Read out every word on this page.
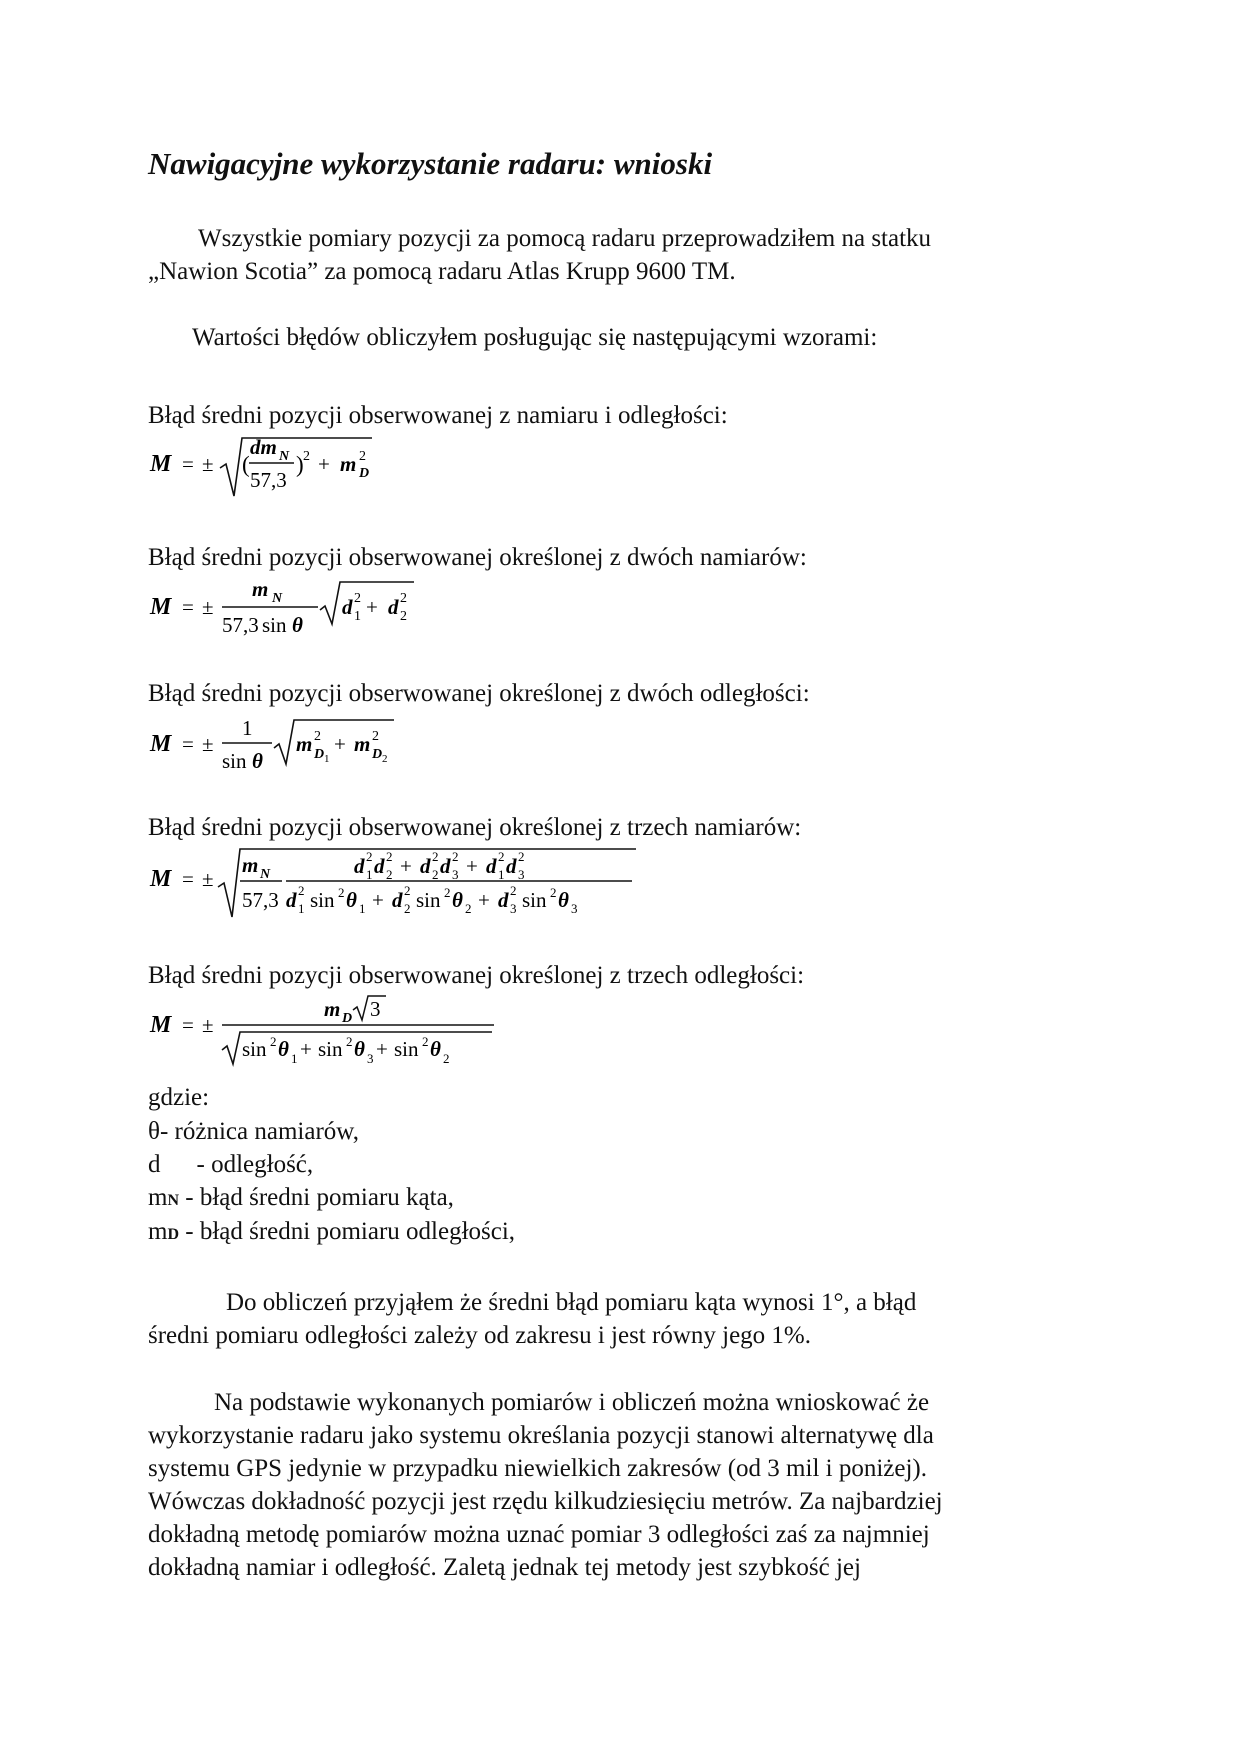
Nawigacyjne wykorzystanie radaru: wnioski
Wszystkie pomiary pozycji za pomocą radaru przeprowadziłem na statku
„Nawion Scotia” za pomocą radaru Atlas Krupp 9600 TM.
Wartości błędów obliczyłem posługując się następującymi wzorami:
Błąd średni pozycji obserwowanej z namiaru i odległości:
M = ± (
dm N
57,3
) 2 + m 2
D
Błąd średni pozycji obserwowanej określonej z dwóch namiarów:
M = ±
m N
57,3 sin θ
d 2
1 + d 2
2
Błąd średni pozycji obserwowanej określonej z dwóch odległości:
M = ±
1
sin θ
m 2
D 1
+ m 2
D 2
Błąd średni pozycji obserwowanej określonej z trzech namiarów:
M = ±
m N
57,3
d 2
1 d 2
2 + d 2
2 d 2
3 + d 2
1 d 2
3
d 2
1 sin 2 θ 1 + d 2
2 sin 2 θ 2 + d 2
3 sin 2 θ 3
Błąd średni pozycji obserwowanej określonej z trzech odległości:
M = ±
m D 3
sin 2 θ 1 + sin 2 θ 3 + sin 2 θ 2
gdzie:
θ- różnica namiarów,
d - odległość,
mN - błąd średni pomiaru kąta,
mD - błąd średni pomiaru odległości,
Do obliczeń przyjąłem że średni błąd pomiaru kąta wynosi 1°, a błąd
średni pomiaru odległości zależy od zakresu i jest równy jego 1%.
Na podstawie wykonanych pomiarów i obliczeń można wnioskować że
wykorzystanie radaru jako systemu określania pozycji stanowi alternatywę dla
systemu GPS jedynie w przypadku niewielkich zakresów (od 3 mil i poniżej).
Wówczas dokładność pozycji jest rzędu kilkudziesięciu metrów. Za najbardziej
dokładną metodę pomiarów można uznać pomiar 3 odległości zaś za najmniej
dokładną namiar i odległość. Zaletą jednak tej metody jest szybkość jej
